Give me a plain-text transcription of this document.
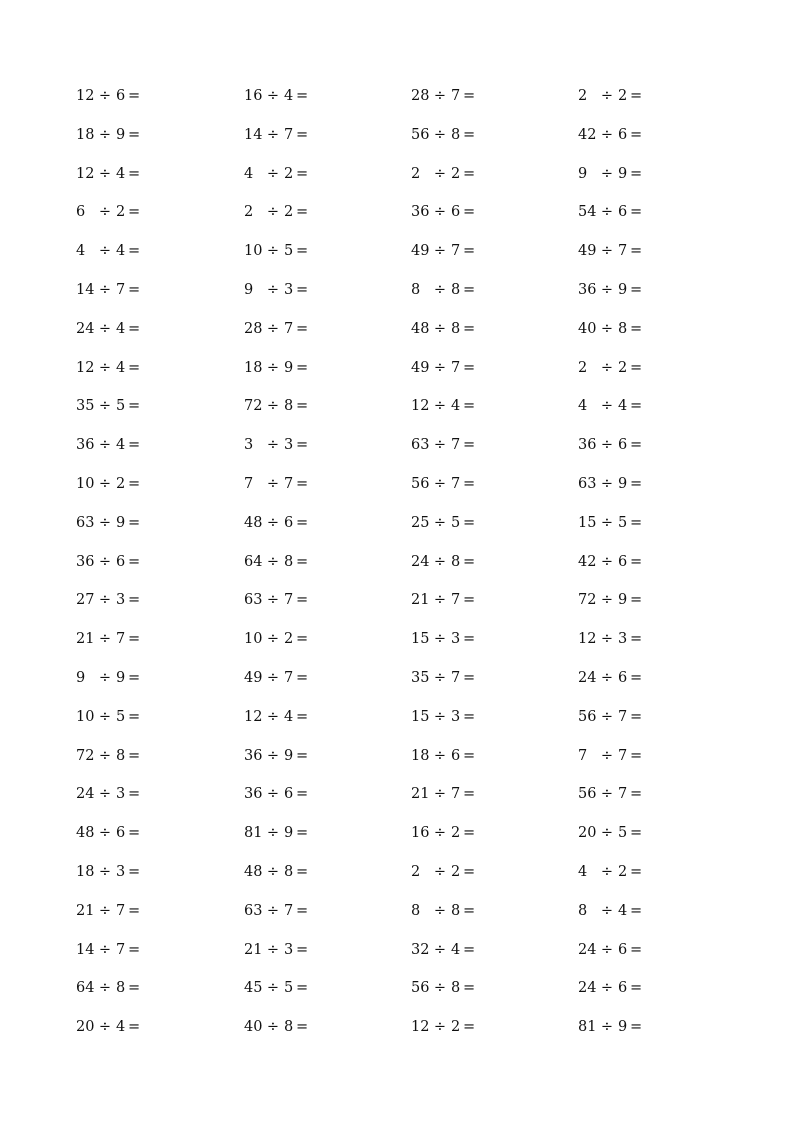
12 ÷ 6 =	16 ÷ 4 =	28 ÷ 7 =	2 ÷ 2 =
18 ÷ 9 =	14 ÷ 7 =	56 ÷ 8 =	42 ÷ 6 =
12 ÷ 4 =	4 ÷ 2 =	2 ÷ 2 =	9 ÷ 9 =
6 ÷ 2 =	2 ÷ 2 =	36 ÷ 6 =	54 ÷ 6 =
4 ÷ 4 =	10 ÷ 5 =	49 ÷ 7 =	49 ÷ 7 =
14 ÷ 7 =	9 ÷ 3 =	8 ÷ 8 =	36 ÷ 9 =
24 ÷ 4 =	28 ÷ 7 =	48 ÷ 8 =	40 ÷ 8 =
12 ÷ 4 =	18 ÷ 9 =	49 ÷ 7 =	2 ÷ 2 =
35 ÷ 5 =	72 ÷ 8 =	12 ÷ 4 =	4 ÷ 4 =
36 ÷ 4 =	3 ÷ 3 =	63 ÷ 7 =	36 ÷ 6 =
10 ÷ 2 =	7 ÷ 7 =	56 ÷ 7 =	63 ÷ 9 =
63 ÷ 9 =	48 ÷ 6 =	25 ÷ 5 =	15 ÷ 5 =
36 ÷ 6 =	64 ÷ 8 =	24 ÷ 8 =	42 ÷ 6 =
27 ÷ 3 =	63 ÷ 7 =	21 ÷ 7 =	72 ÷ 9 =
21 ÷ 7 =	10 ÷ 2 =	15 ÷ 3 =	12 ÷ 3 =
9 ÷ 9 =	49 ÷ 7 =	35 ÷ 7 =	24 ÷ 6 =
10 ÷ 5 =	12 ÷ 4 =	15 ÷ 3 =	56 ÷ 7 =
72 ÷ 8 =	36 ÷ 9 =	18 ÷ 6 =	7 ÷ 7 =
24 ÷ 3 =	36 ÷ 6 =	21 ÷ 7 =	56 ÷ 7 =
48 ÷ 6 =	81 ÷ 9 =	16 ÷ 2 =	20 ÷ 5 =
18 ÷ 3 =	48 ÷ 8 =	2 ÷ 2 =	4 ÷ 2 =
21 ÷ 7 =	63 ÷ 7 =	8 ÷ 8 =	8 ÷ 4 =
14 ÷ 7 =	21 ÷ 3 =	32 ÷ 4 =	24 ÷ 6 =
64 ÷ 8 =	45 ÷ 5 =	56 ÷ 8 =	24 ÷ 6 =
20 ÷ 4 =	40 ÷ 8 =	12 ÷ 2 =	81 ÷ 9 =
